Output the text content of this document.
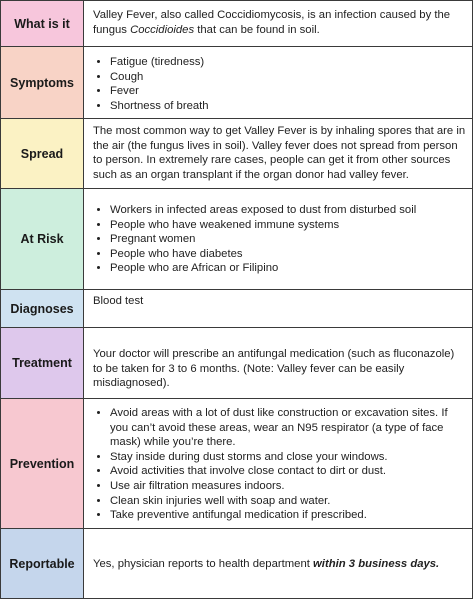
What is it
Valley Fever, also called Coccidiomycosis, is an infection caused by the fungus Coccidioides that can be found in soil.
Symptoms
• Fatigue (tiredness)
• Cough
• Fever
• Shortness of breath
Spread
The most common way to get Valley Fever is by inhaling spores that are in the air (the fungus lives in soil). Valley fever does not spread from person to person. In extremely rare cases, people can get it from other sources such as an organ transplant if the organ donor had valley fever.
At Risk
• Workers in infected areas exposed to dust from disturbed soil
• People who have weakened immune systems
• Pregnant women
• People who have diabetes
• People who are African or Filipino
Diagnoses
Blood test
Treatment
Your doctor will prescribe an antifungal medication (such as fluconazole) to be taken for 3 to 6 months. (Note: Valley fever can be easily misdiagnosed).
Prevention
• Avoid areas with a lot of dust like construction or excavation sites. If you can’t avoid these areas, wear an N95 respirator (a type of face mask) while you’re there.
• Stay inside during dust storms and close your windows.
• Avoid activities that involve close contact to dirt or dust.
• Use air filtration measures indoors.
• Clean skin injuries well with soap and water.
• Take preventive antifungal medication if prescribed.
Reportable	Yes, physician reports to health department within 3 business days.
